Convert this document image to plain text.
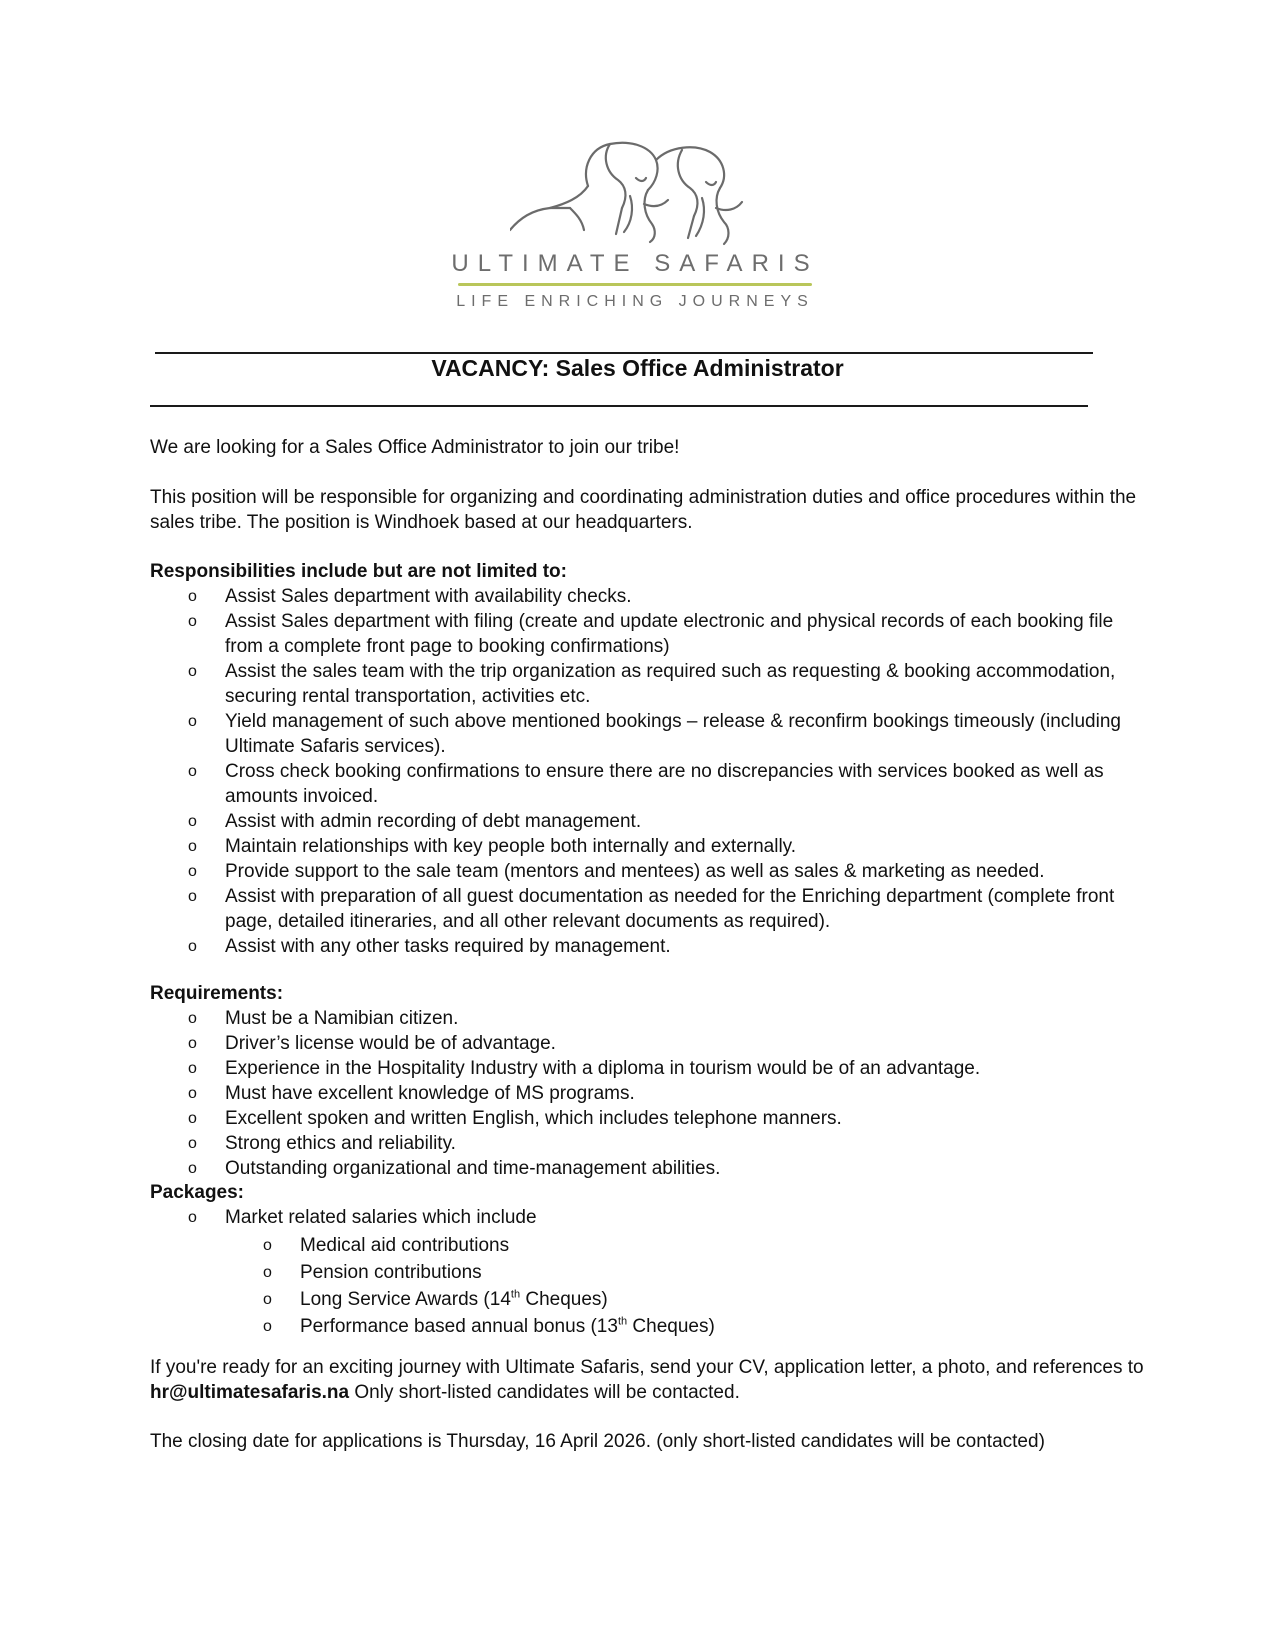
ULTIMATE SAFARIS
LIFE ENRICHING JOURNEYS
VACANCY: Sales Office Administrator
We are looking for a Sales Office Administrator to join our tribe!
This position will be responsible for organizing and coordinating administration duties and office procedures within the sales tribe. The position is Windhoek based at our headquarters.
Responsibilities include but are not limited to:
o Assist Sales department with availability checks.
o Assist Sales department with filing (create and update electronic and physical records of each booking file from a complete front page to booking confirmations)
o Assist the sales team with the trip organization as required such as requesting & booking accommodation, securing rental transportation, activities etc.
o Yield management of such above mentioned bookings – release & reconfirm bookings timeously (including Ultimate Safaris services).
o Cross check booking confirmations to ensure there are no discrepancies with services booked as well as amounts invoiced.
o Assist with admin recording of debt management.
o Maintain relationships with key people both internally and externally.
o Provide support to the sale team (mentors and mentees) as well as sales & marketing as needed.
o Assist with preparation of all guest documentation as needed for the Enriching department (complete front page, detailed itineraries, and all other relevant documents as required).
o Assist with any other tasks required by management.
Requirements:
o Must be a Namibian citizen.
o Driver’s license would be of advantage.
o Experience in the Hospitality Industry with a diploma in tourism would be of an advantage.
o Must have excellent knowledge of MS programs.
o Excellent spoken and written English, which includes telephone manners.
o Strong ethics and reliability.
o Outstanding organizational and time-management abilities.
Packages:
o Market related salaries which include
o Medical aid contributions
o Pension contributions
o Long Service Awards (14th Cheques)
o Performance based annual bonus (13th Cheques)
If you're ready for an exciting journey with Ultimate Safaris, send your CV, application letter, a photo, and references to hr@ultimatesafaris.na Only short-listed candidates will be contacted.
The closing date for applications is Thursday, 16 April 2026. (only short-listed candidates will be contacted)
